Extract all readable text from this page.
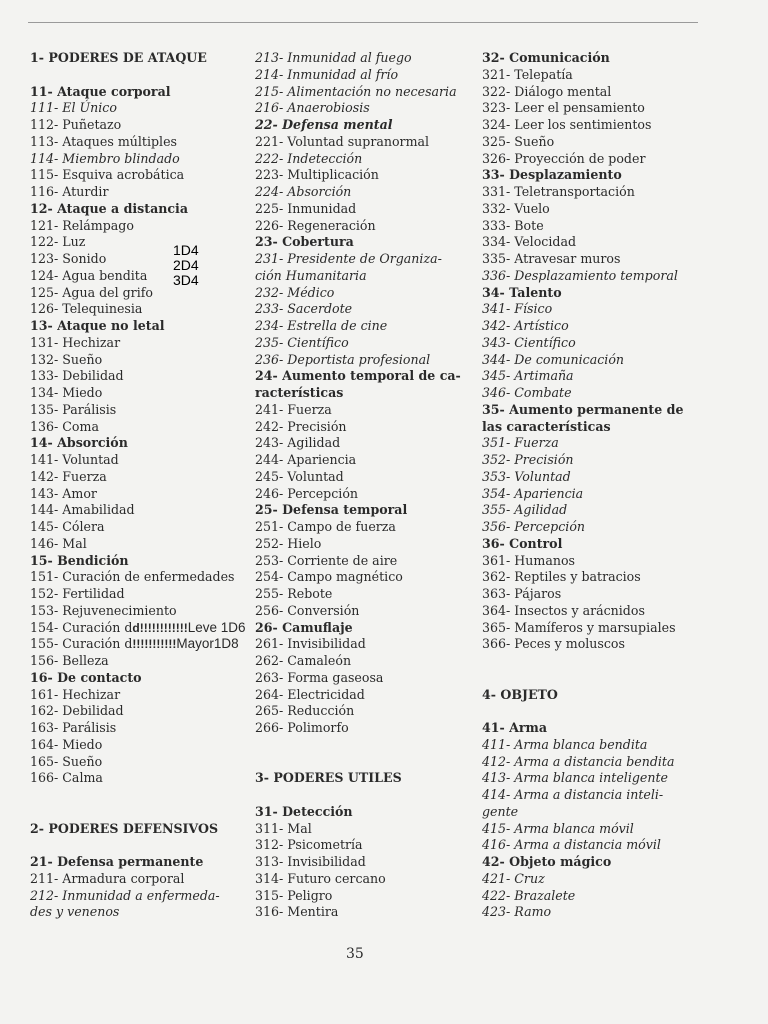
1- PODERES DE ATAQUE
11- Ataque corporal
111- El Único
112- Puñetazo
113- Ataques múltiples
114- Miembro blindado
115- Esquiva acrobática
116- Aturdir
12- Ataque a distancia
121- Relámpago
122- Luz
123- Sonido
124- Agua bendita
125- Agua del grifo
126- Telequinesia
13- Ataque no letal
131- Hechizar
132- Sueño
133- Debilidad
134- Miedo
135- Parálisis
136- Coma
14- Absorción
141- Voluntad
142- Fuerza
143- Amor
144- Amabilidad
145- Cólera
146- Mal
15- Bendición
151- Curación de enfermedades
152- Fertilidad
153- Rejuvenecimiento
154- Curación dd!!!!!!!!!!!!Leve 1D6
155- Curación d!!!!!!!!!!!Mayor1D8
156- Belleza
16- De contacto
161- Hechizar
162- Debilidad
163- Parálisis
164- Miedo
165- Sueño
166- Calma
2- PODERES DEFENSIVOS
21- Defensa permanente
211- Armadura corporal
212- Inmunidad a enfermeda-
des y venenos
1D4
2D4
3D4
213- Inmunidad al fuego
214- Inmunidad al frío
215- Alimentación no necesaria
216- Anaerobiosis
22- Defensa mental
221- Voluntad supranormal
222- Indetección
223- Multiplicación
224- Absorción
225- Inmunidad
226- Regeneración
23- Cobertura
231- Presidente de Organiza-
ción Humanitaria
232- Médico
233- Sacerdote
234- Estrella de cine
235- Científico
236- Deportista profesional
24- Aumento temporal de ca-
racterísticas
241- Fuerza
242- Precisión
243- Agilidad
244- Apariencia
245- Voluntad
246- Percepción
25- Defensa temporal
251- Campo de fuerza
252- Hielo
253- Corriente de aire
254- Campo magnético
255- Rebote
256- Conversión
26- Camuflaje
261- Invisibilidad
262- Camaleón
263- Forma gaseosa
264- Electricidad
265- Reducción
266- Polimorfo
3- PODERES UTILES
31- Detección
311- Mal
312- Psicometría
313- Invisibilidad
314- Futuro cercano
315- Peligro
316- Mentira
32- Comunicación
321- Telepatía
322- Diálogo mental
323- Leer el pensamiento
324- Leer los sentimientos
325- Sueño
326- Proyección de poder
33- Desplazamiento
331- Teletransportación
332- Vuelo
333- Bote
334- Velocidad
335- Atravesar muros
336- Desplazamiento temporal
34- Talento
341- Físico
342- Artístico
343- Científico
344- De comunicación
345- Artimaña
346- Combate
35- Aumento permanente de
las características
351- Fuerza
352- Precisión
353- Voluntad
354- Apariencia
355- Agilidad
356- Percepción
36- Control
361- Humanos
362- Reptiles y batracios
363- Pájaros
364- Insectos y arácnidos
365- Mamíferos y marsupiales
366- Peces y moluscos
4- OBJETO
41- Arma
411- Arma blanca bendita
412- Arma a distancia bendita
413- Arma blanca inteligente
414- Arma a distancia inteli-
gente
415- Arma blanca móvil
416- Arma a distancia móvil
42- Objeto mágico
421- Cruz
422- Brazalete
423- Ramo
35
